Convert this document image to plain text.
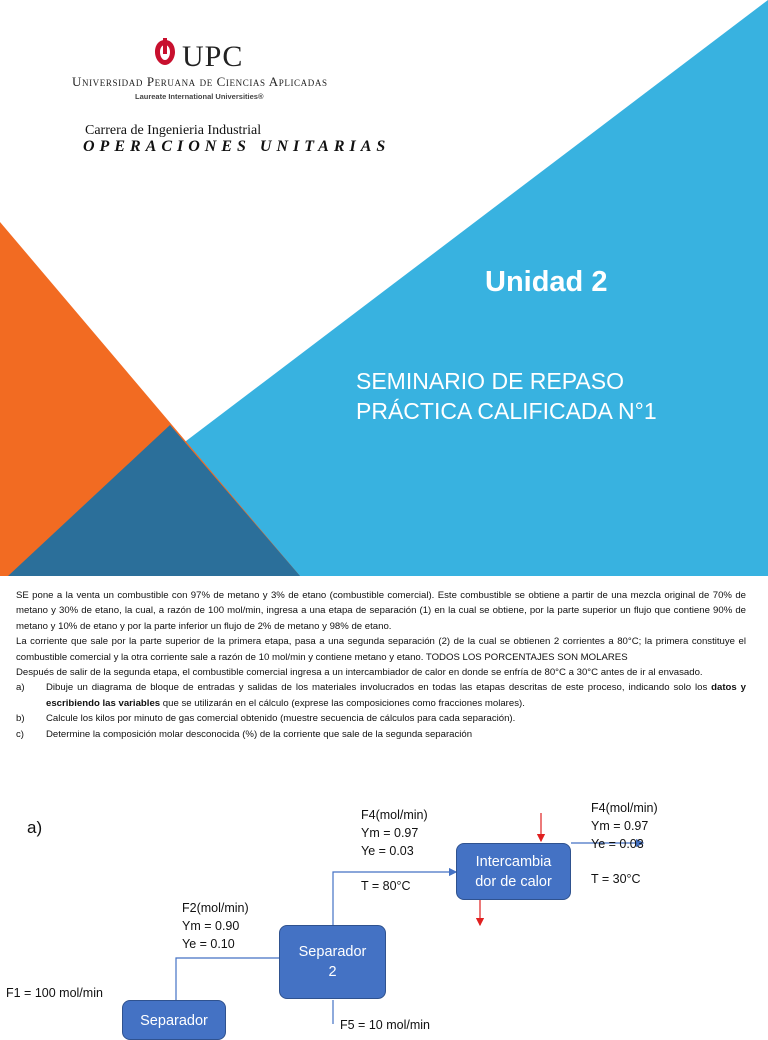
UPC
Universidad Peruana de Ciencias Aplicadas
Laureate International Universities®
Carrera de Ingenieria Industrial
OPERACIONES UNITARIAS
Unidad 2
SEMINARIO DE REPASO
PRÁCTICA CALIFICADA N°1

SE pone a la venta un combustible con 97% de metano y 3% de etano (combustible comercial). Este combustible se obtiene a partir de una mezcla original de 70% de metano y 30% de etano, la cual, a razón de 100 mol/min, ingresa a una etapa de separación (1) en la cual se obtiene, por la parte superior un flujo que contiene 90% de metano y 10% de etano y por la parte inferior un flujo de 2% de metano y 98% de etano.

La corriente que sale por la parte superior de la primera etapa, pasa a una segunda separación (2) de la cual se obtienen 2 corrientes a 80°C; la primera constituye el combustible comercial y la otra corriente sale a razón de 10 mol/min y contiene metano y etano. TODOS LOS PORCENTAJES SON MOLARES

Después de salir de la segunda etapa, el combustible comercial ingresa a un intercambiador de calor en donde se enfría de 80°C a 30°C antes de ir al envasado.

a)	Dibuje un diagrama de bloque de entradas y salidas de los materiales involucrados en todas las etapas descritas de este proceso, indicando solo los datos y escribiendo las variables que se utilizarán en el cálculo (exprese las composiciones como fracciones molares).
b)	Calcule los kilos por minuto de gas comercial obtenido (muestre secuencia de cálculos para cada separación).
c)	Determine la composición molar desconocida (%) de la corriente que sale de la segunda separación
a)
F1 = 100 mol/min
Separador
F2(mol/min)
Ym = 0.90
Ye = 0.10	Separador
2
F4(mol/min)
Ym = 0.97
Ye = 0.03
T = 80°C
Intercambia
dor de calor
F4(mol/min)
Ym = 0.97
Ye = 0.03
T = 30°C
F5 = 10 mol/min
